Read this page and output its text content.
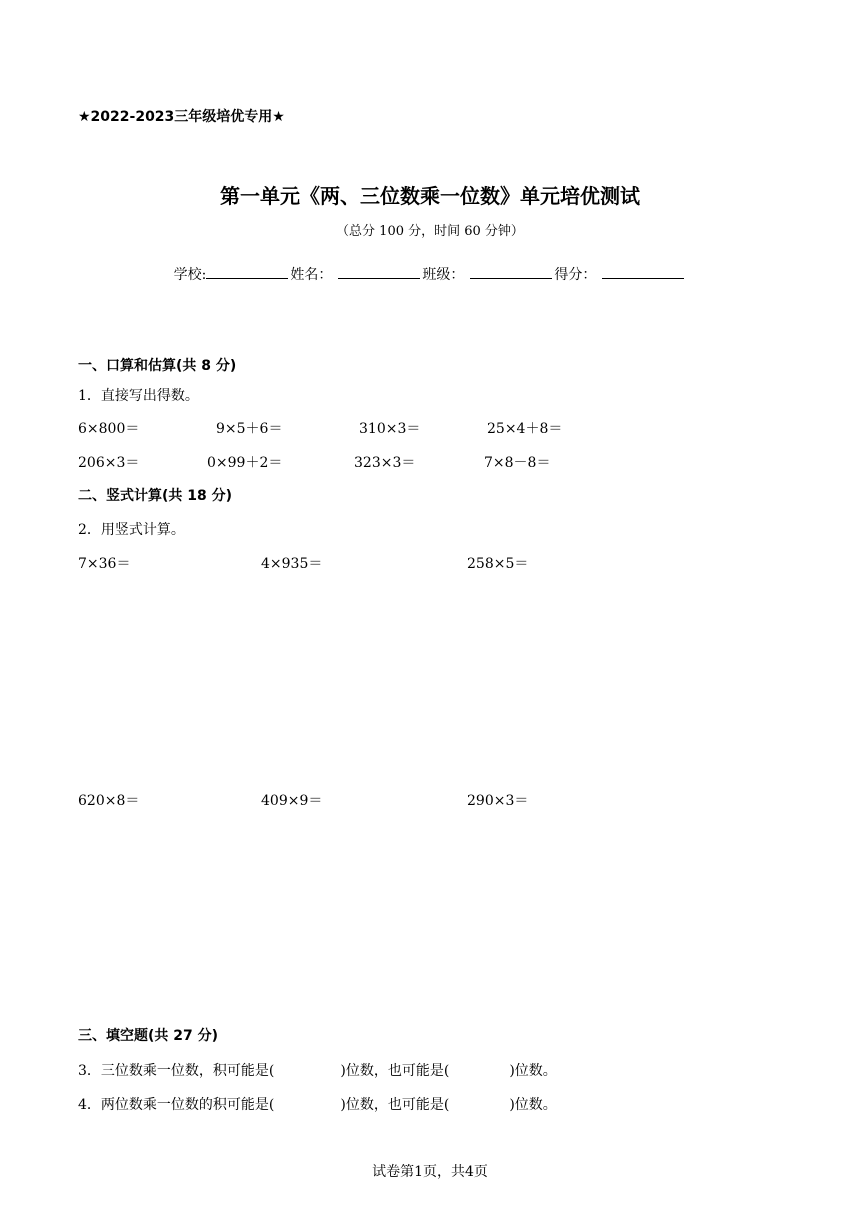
★2022-2023三年级培优专用★
第一单元《两、三位数乘一位数》单元培优测试
（总分 100 分，时间 60 分钟）
学校:	姓名：	班级：	得分：
一、口算和估算(共 8 分)
1．直接写出得数。
6×800＝	9×5＋6＝	310×3＝	25×4＋8＝
206×3＝	0×99＋2＝	323×3＝	7×8－8＝
二、竖式计算(共 18 分)
2．用竖式计算。
7×36＝	4×935＝	258×5＝
620×8＝	409×9＝	290×3＝
三、填空题(共 27 分)
3．三位数乘一位数，积可能是(	)位数，也可能是(	)位数。
4．两位数乘一位数的积可能是(	)位数，也可能是(	)位数。
试卷第1页，共4页
